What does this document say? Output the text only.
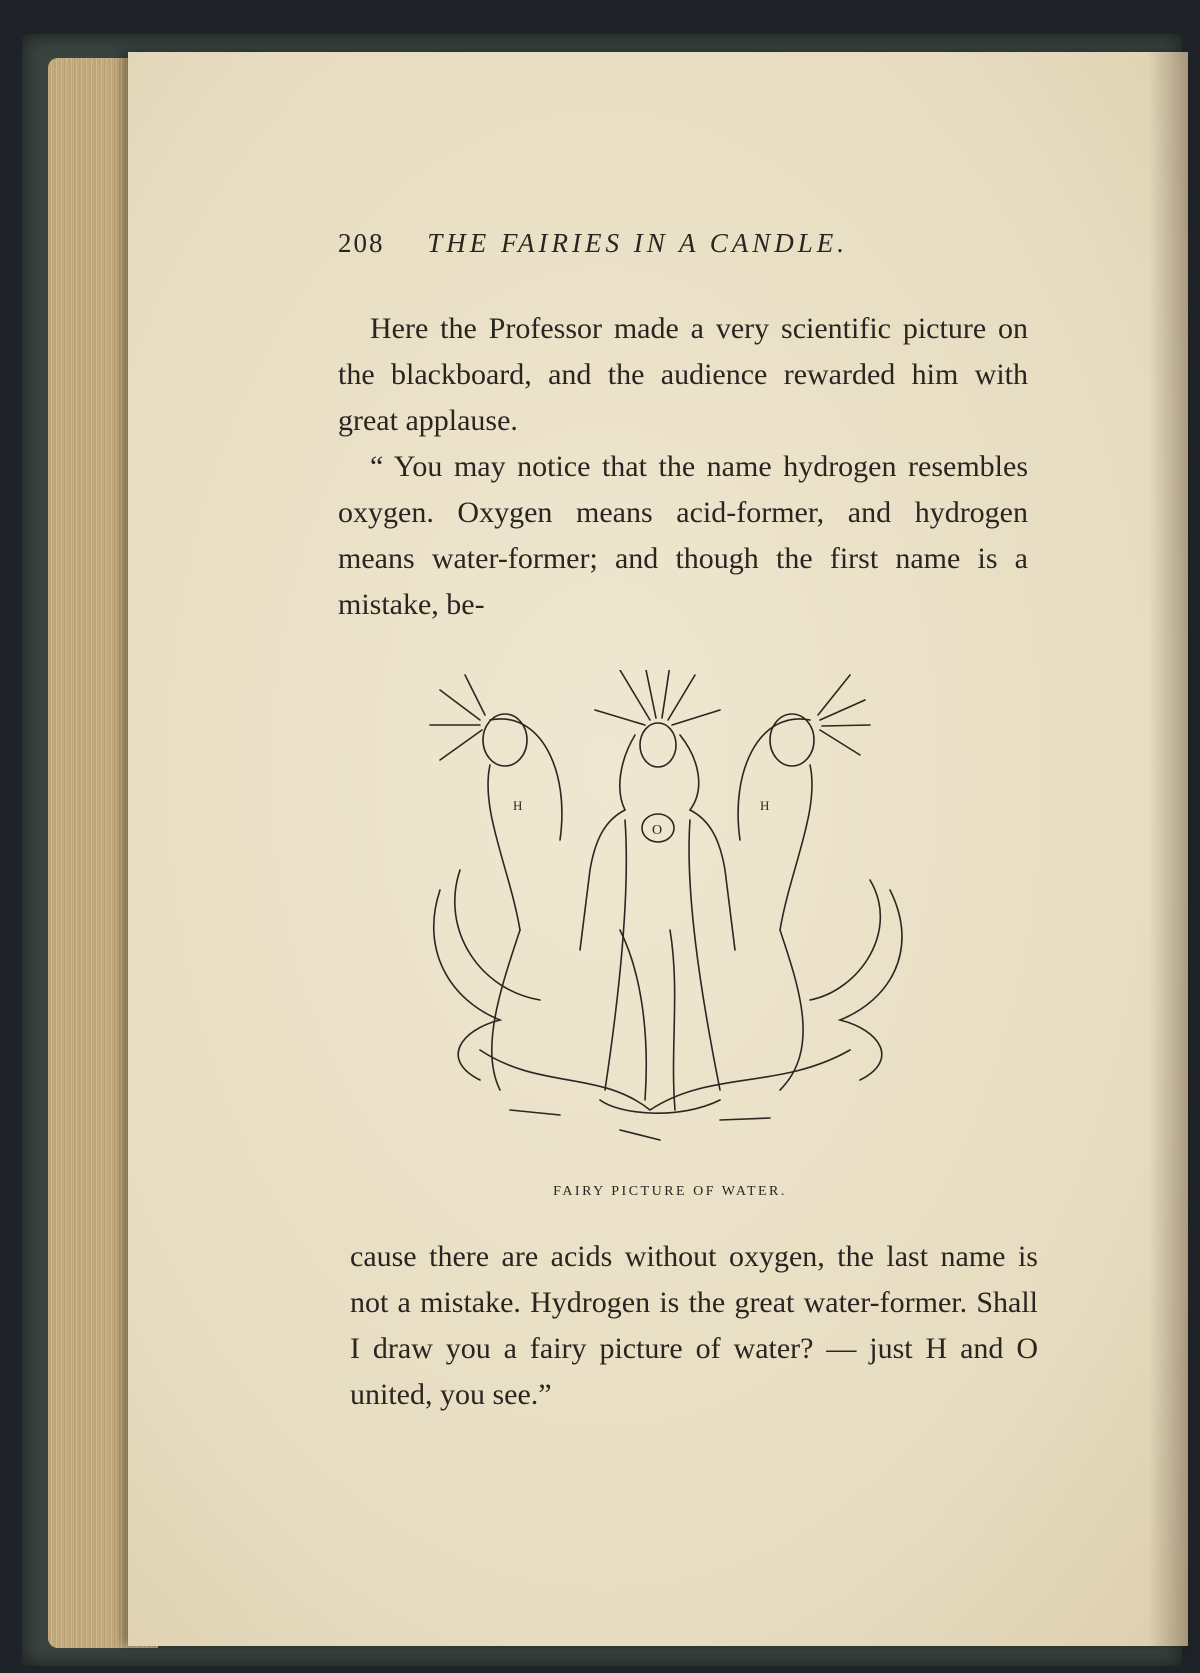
208 THE FAIRIES IN A CANDLE.

Here the Professor made a very scientific picture on the blackboard, and the audience rewarded him with great applause.

“ You may notice that the name hydrogen resembles oxygen. Oxygen means acid-former, and hydrogen means water-former; and though the first name is a mistake, be-

O
H	H
FAIRY PICTURE OF WATER.

cause there are acids without oxygen, the last name is not a mistake. Hydrogen is the great water-former. Shall I draw you a fairy picture of water? — just H and O united, you see.”
